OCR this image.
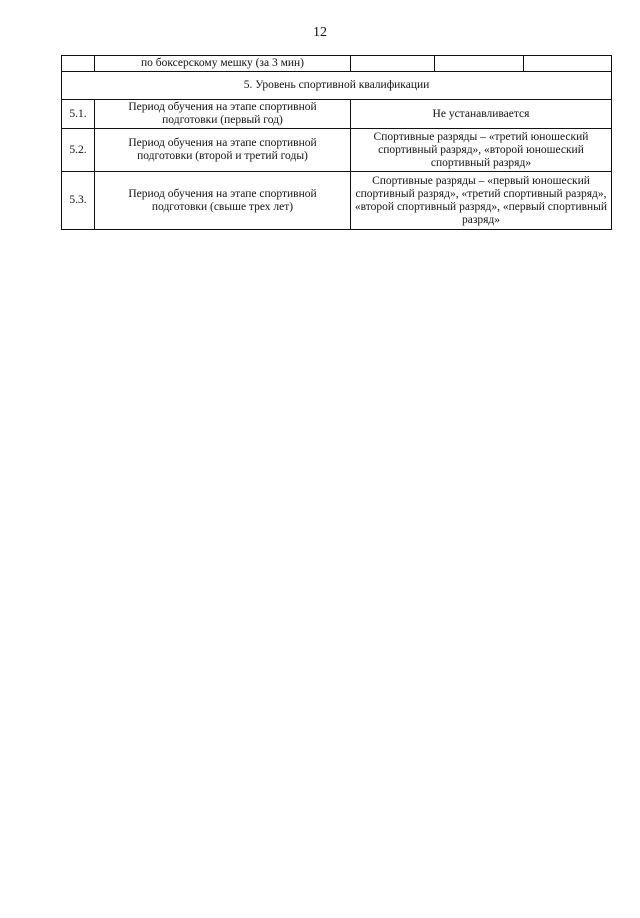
12
	по боксерскому мешку (за 3 мин)			
5. Уровень спортивной квалификации				
5.1.	Период обучения на этапе спортивной подготовки (первый год)	Не устанавливается		
5.2.	Период обучения на этапе спортивной подготовки (второй и третий годы)	Спортивные разряды – «третий юношеский спортивный разряд», «второй юношеский спортивный разряд»		
5.3.	Период обучения на этапе спортивной подготовки (свыше трех лет)	Спортивные разряды – «первый юношеский спортивный разряд», «третий спортивный разряд», «второй спортивный разряд», «первый спортивный разряд»		
